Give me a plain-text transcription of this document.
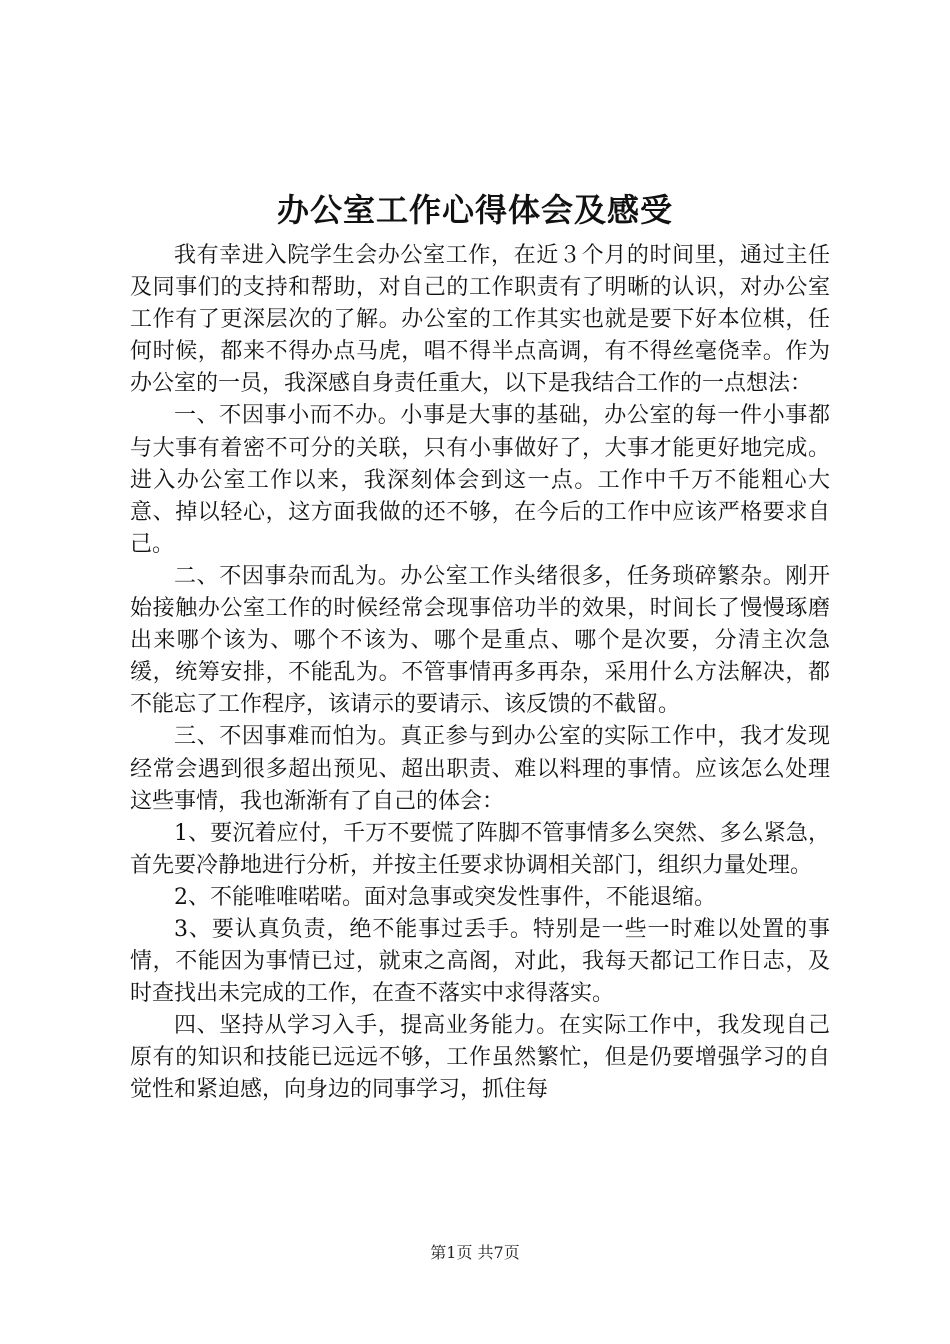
办公室工作心得体会及感受

我有幸进入院学生会办公室工作，在近３个月的时间里，通过主任及同事们的支持和帮助，对自己的工作职责有了明晰的认识，对办公室工作有了更深层次的了解。办公室的工作其实也就是要下好本位棋，任何时候，都来不得办点马虎，唱不得半点高调，有不得丝毫侥幸。作为办公室的一员，我深感自身责任重大，以下是我结合工作的一点想法：

一、不因事小而不办。小事是大事的基础，办公室的每一件小事都与大事有着密不可分的关联，只有小事做好了，大事才能更好地完成。进入办公室工作以来，我深刻体会到这一点。工作中千万不能粗心大意、掉以轻心，这方面我做的还不够，在今后的工作中应该严格要求自己。

二、不因事杂而乱为。办公室工作头绪很多，任务琐碎繁杂。刚开始接触办公室工作的时候经常会现事倍功半的效果，时间长了慢慢琢磨出来哪个该为、哪个不该为、哪个是重点、哪个是次要，分清主次急缓，统筹安排，不能乱为。不管事情再多再杂，采用什么方法解决，都不能忘了工作程序，该请示的要请示、该反馈的不截留。

三、不因事难而怕为。真正参与到办公室的实际工作中，我才发现经常会遇到很多超出预见、超出职责、难以料理的事情。应该怎么处理这些事情，我也渐渐有了自己的体会：

1、要沉着应付，千万不要慌了阵脚不管事情多么突然、多么紧急，首先要冷静地进行分析，并按主任要求协调相关部门，组织力量处理。

2、不能唯唯喏喏。面对急事或突发性事件，不能退缩。

3、要认真负责，绝不能事过丢手。特别是一些一时难以处置的事情，不能因为事情已过，就束之高阁，对此，我每天都记工作日志，及时查找出未完成的工作，在查不落实中求得落实。

四、坚持从学习入手，提高业务能力。在实际工作中，我发现自己原有的知识和技能已远远不够，工作虽然繁忙，但是仍要增强学习的自觉性和紧迫感，向身边的同事学习，抓住每

第1页 共7页
